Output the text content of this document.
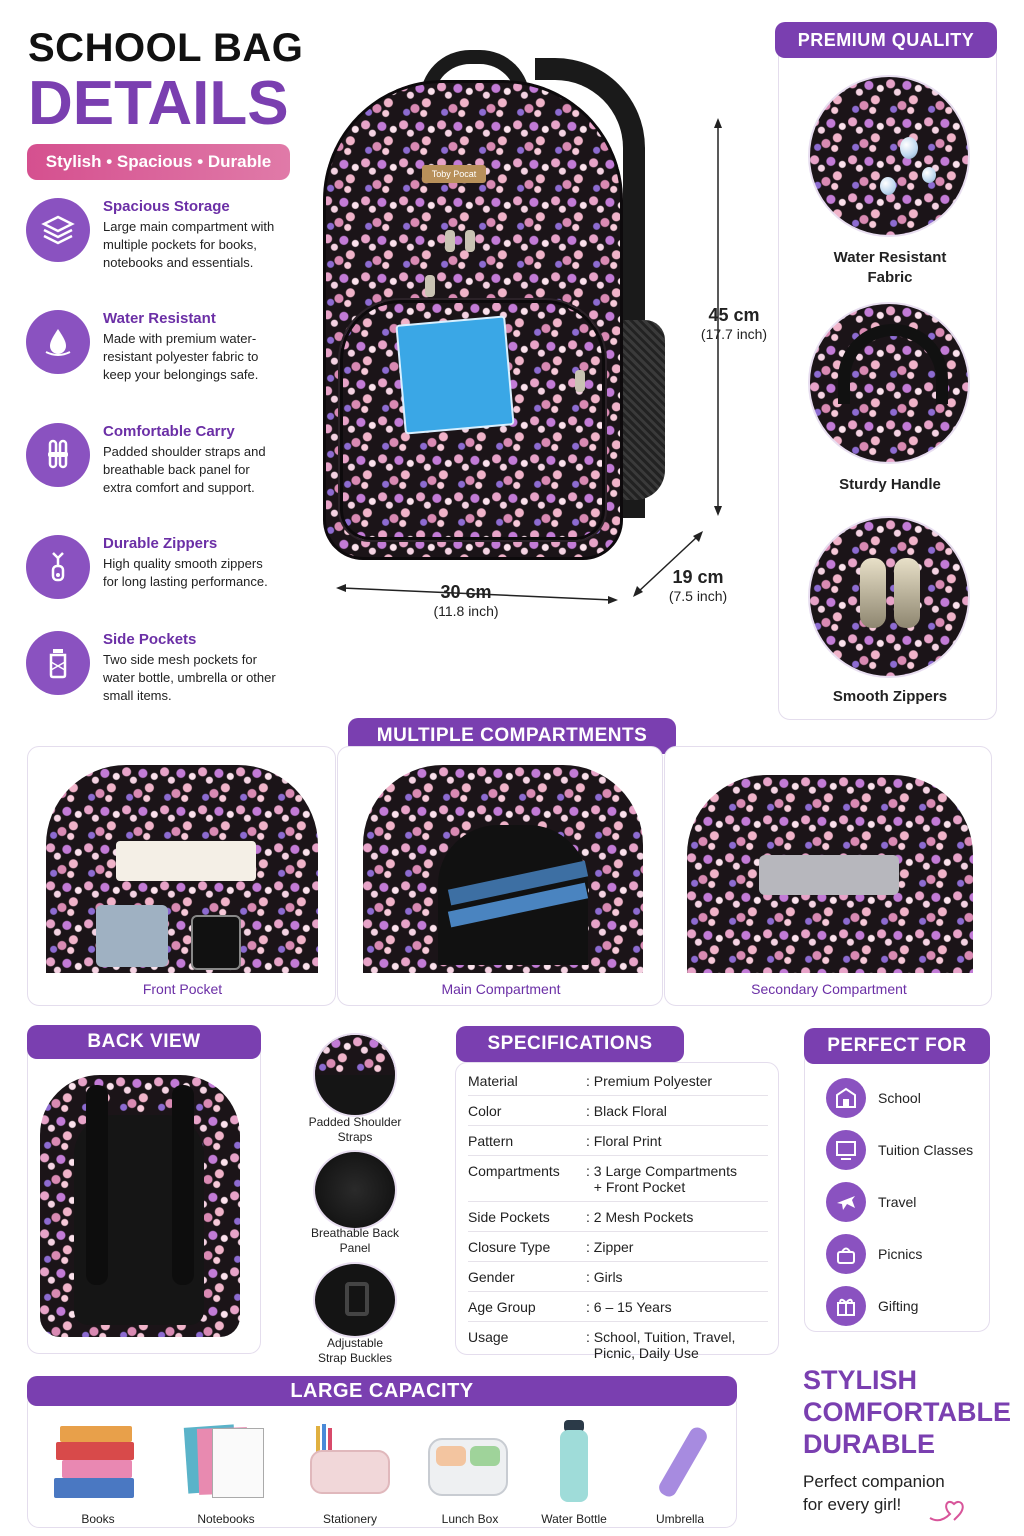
SCHOOL BAG
DETAILS
Stylish • Spacious • Durable
Spacious Storage
Large main compartment with multiple pockets for books, notebooks and essentials.
Water Resistant
Made with premium water-resistant polyester fabric to keep your belongings safe.
Comfortable Carry
Padded shoulder straps and breathable back panel for extra comfort and support.
Durable Zippers
High quality smooth zippers for long lasting performance.
Side Pockets
Two side mesh pockets for water bottle, umbrella or other small items.
Toby Pocat
45 cm
(17.7 inch)
30 cm
(11.8 inch)
19 cm
(7.5 inch)
PREMIUM QUALITY
Water Resistant
Fabric
Sturdy Handle
Smooth Zippers
MULTIPLE COMPARTMENTS
Front Pocket	Main Compartment	Secondary Compartment
BACK VIEW
Padded Shoulder
Straps
Breathable Back
Panel
Adjustable
Strap Buckles
SPECIFICATIONS
Material	: Premium Polyester
Color	: Black Floral
Pattern	: Floral Print
Compartments	: 3 Large Compartments
+ Front Pocket
Side Pockets	: 2 Mesh Pockets
Closure Type	: Zipper
Gender	: Girls
Age Group	: 6 – 15 Years
Usage	: School, Tuition, Travel,
Picnic, Daily Use
PERFECT FOR
School
Tuition Classes
Travel
Picnics
Gifting
LARGE CAPACITY
Books	Notebooks	Stationery	Lunch Box	Water Bottle	Umbrella
STYLISH
COMFORTABLE
DURABLE
Perfect companion
for every girl!
